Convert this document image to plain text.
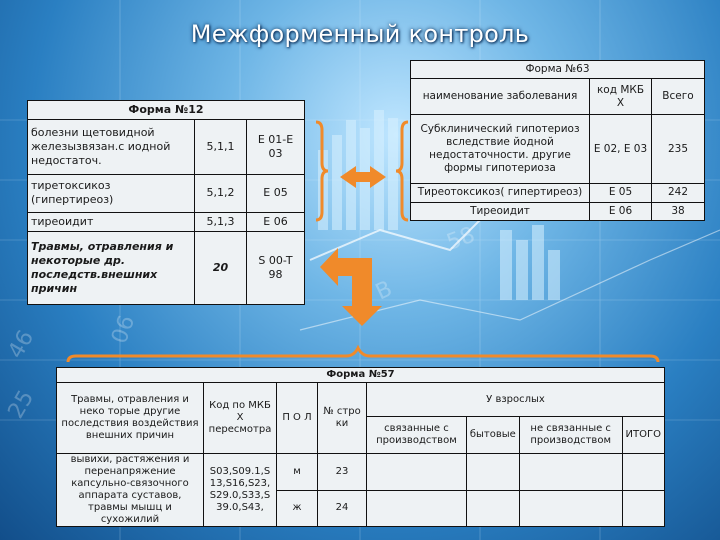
46	06
B
58
25
Межформенный контроль
Форма №12		
болезни щетовидной железызвязан.с иодной недостаточ.	5,1,1	Е 01-Е 03
тиретоксикоз (гипертиреоз)	5,1,2	Е 05
тиреоидит	5,1,3	Е 06
Травмы, отравления и некоторые др. последств.внешних причин	20	S 00-T 98
Форма №63		
наименование заболевания	код МКБ Х	Всего
Субклинический гипотериоз вследствие йодной недостаточности. другие формы гипотериоза	Е 02, Е 03	235
Тиреотоксикоз( гипертиреоз)	Е 05	242
Тиреоидит	Е 06	38
Форма №57							
Травмы, отравления и неко торые другие последствия воздействия внешних причин	Код по МКБ Х пересмотра	П О Л	№ стро ки	У взрослых			
				связанные с производством	бытовые	не связанные с производством	ИТОГО
вывихи, растяжения и перенапряжение капсульно-связочного аппарата суставов, травмы мышц и сухожилий	S03,S09.1,S 13,S16,S23, S29.0,S33,S 39.0,S43,	м	23				
		ж	24				
